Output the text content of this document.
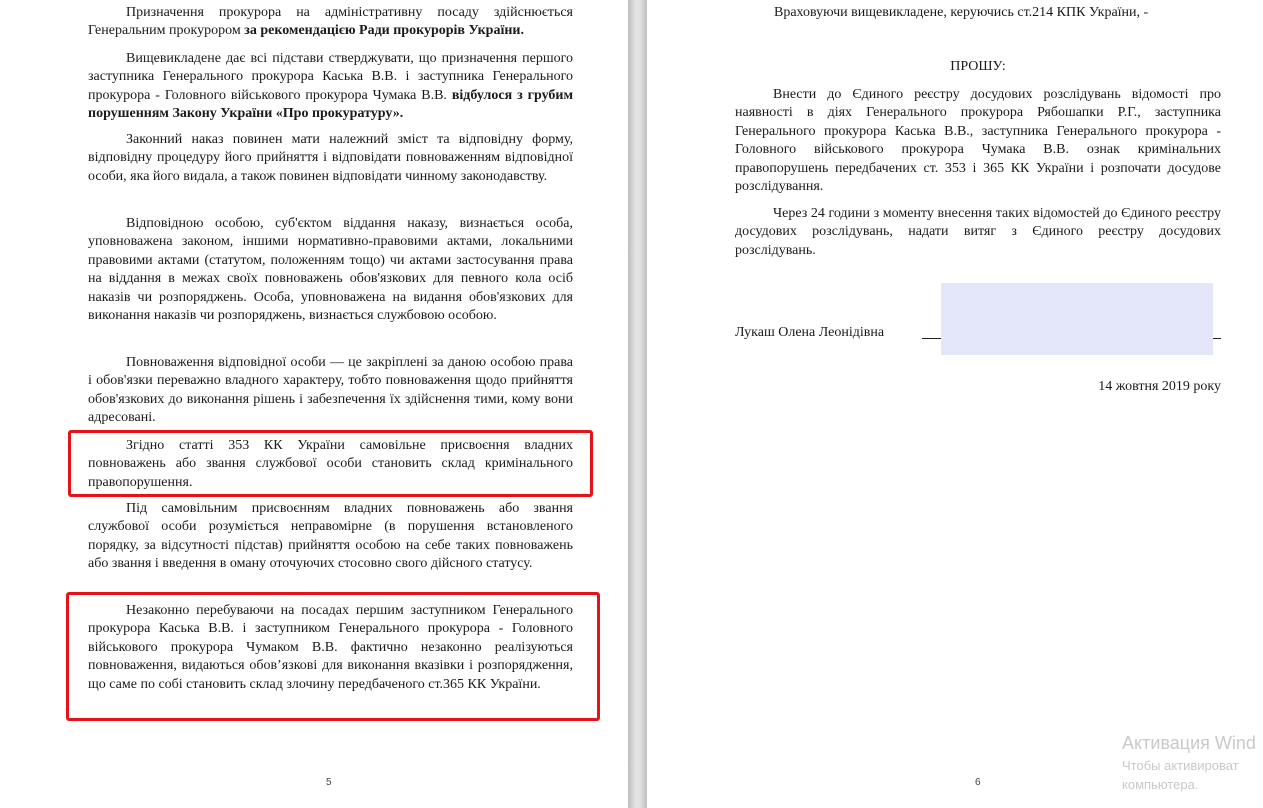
Призначення прокурора на адміністративну посаду здійснюється Генеральним прокурором за рекомендацією Ради прокурорів України.

Вищевикладене дає всі підстави стверджувати, що призначення першого заступника Генерального прокурора Каська В.В. і заступника Генерального прокурора - Головного військового прокурора Чумака В.В. відбулося з грубим порушенням Закону України «Про прокуратуру».

Законний наказ повинен мати належний зміст та відповідну форму, відповідну процедуру його прийняття і відповідати повноваженням відповідної особи, яка його видала, а також повинен відповідати чинному законодавству.

Відповідною особою, суб'єктом віддання наказу, визнається особа, уповноважена законом, іншими нормативно-правовими актами, локальними правовими актами (статутом, положенням тощо) чи актами застосування права на віддання в межах своїх повноважень обов'язкових для певного кола осіб наказів чи розпоряджень. Особа, уповноважена на видання обов'язкових для виконання наказів чи розпоряджень, визнається службовою особою.

Повноваження відповідної особи — це закріплені за даною особою права і обов'язки переважно владного характеру, тобто повноваження щодо прийняття обов'язкових до виконання рішень і забезпечення їх здійснення тими, кому вони адресовані.

Згідно статті 353 КК України самовільне присвоєння владних повноважень або звання службової особи становить склад кримінального правопорушення.

Під самовільним присвоєнням владних повноважень або звання службової особи розуміється неправомірне (в порушення встановленого порядку, за відсутності підстав) прийняття особою на себе таких повноважень або звання і введення в оману оточуючих стосовно свого дійсного статусу.

Незаконно перебуваючи на посадах першим заступником Генерального прокурора Каська В.В. і заступником Генерального прокурора - Головного військового прокурора Чумаком В.В. фактично незаконно реалізуються повноваження, видаються обов’язкові для виконання вказівки і розпорядження, що саме по собі становить склад злочину передбаченого ст.365 КК України.

5

Враховуючи вищевикладене, керуючись ст.214 КПК України, -

ПРОШУ:

Внести до Єдиного реєстру досудових розслідувань відомості про наявності в діях Генерального прокурора Рябошапки Р.Г., заступника Генерального прокурора Каська В.В., заступника Генерального прокурора - Головного військового прокурора Чумака В.В. ознак кримінальних правопорушень передбачених ст. 353 і 365 КК України і розпочати досудове розслідування.

Через 24 години з моменту внесення таких відомостей до Єдиного реєстру досудових розслідувань, надати витяг з Єдиного реєстру досудових розслідувань.

Лукаш Олена Леонідівна

14 жовтня 2019 року

6
Активация Wind
Чтобы активироват
компьютера.
